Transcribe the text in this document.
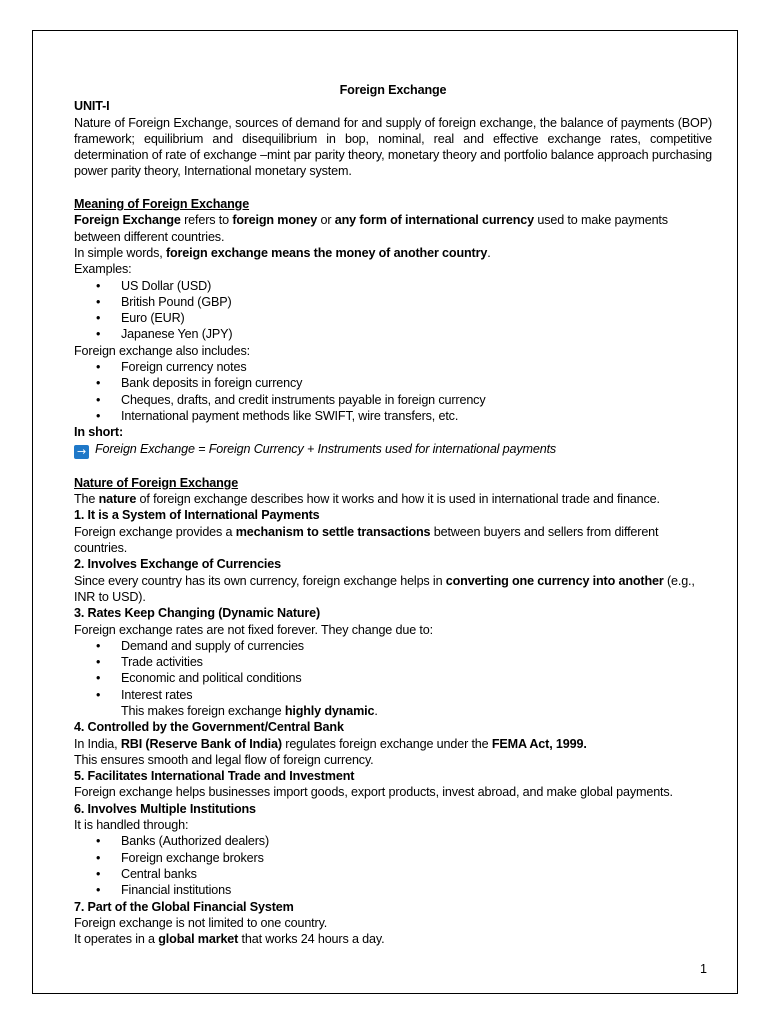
Foreign Exchange

UNIT-I

Nature of Foreign Exchange, sources of demand for and supply of foreign exchange, the balance of payments (BOP) framework; equilibrium and disequilibrium in bop, nominal, real and effective exchange rates, competitive determination of rate of exchange –mint par parity theory, monetary theory and portfolio balance approach purchasing power parity theory, International monetary system.

Meaning of Foreign Exchange

Foreign Exchange refers to foreign money or any form of international currency used to make payments between different countries.

In simple words, foreign exchange means the money of another country.

Examples:

• US Dollar (USD)
• British Pound (GBP)
• Euro (EUR)
• Japanese Yen (JPY)

Foreign exchange also includes:

• Foreign currency notes
• Bank deposits in foreign currency
• Cheques, drafts, and credit instruments payable in foreign currency
• International payment methods like SWIFT, wire transfers, etc.

In short:

→ Foreign Exchange = Foreign Currency + Instruments used for international payments

Nature of Foreign Exchange

The nature of foreign exchange describes how it works and how it is used in international trade and finance.

1. It is a System of International Payments

Foreign exchange provides a mechanism to settle transactions between buyers and sellers from different countries.

2. Involves Exchange of Currencies

Since every country has its own currency, foreign exchange helps in converting one currency into another (e.g., INR to USD).

3. Rates Keep Changing (Dynamic Nature)

Foreign exchange rates are not fixed forever. They change due to:

• Demand and supply of currencies
• Trade activities
• Economic and political conditions
• Interest rates

This makes foreign exchange highly dynamic.

4. Controlled by the Government/Central Bank

In India, RBI (Reserve Bank of India) regulates foreign exchange under the FEMA Act, 1999.

This ensures smooth and legal flow of foreign currency.

5. Facilitates International Trade and Investment

Foreign exchange helps businesses import goods, export products, invest abroad, and make global payments.

6. Involves Multiple Institutions

It is handled through:

• Banks (Authorized dealers)
• Foreign exchange brokers
• Central banks
• Financial institutions

7. Part of the Global Financial System

Foreign exchange is not limited to one country.

It operates in a global market that works 24 hours a day.

1
